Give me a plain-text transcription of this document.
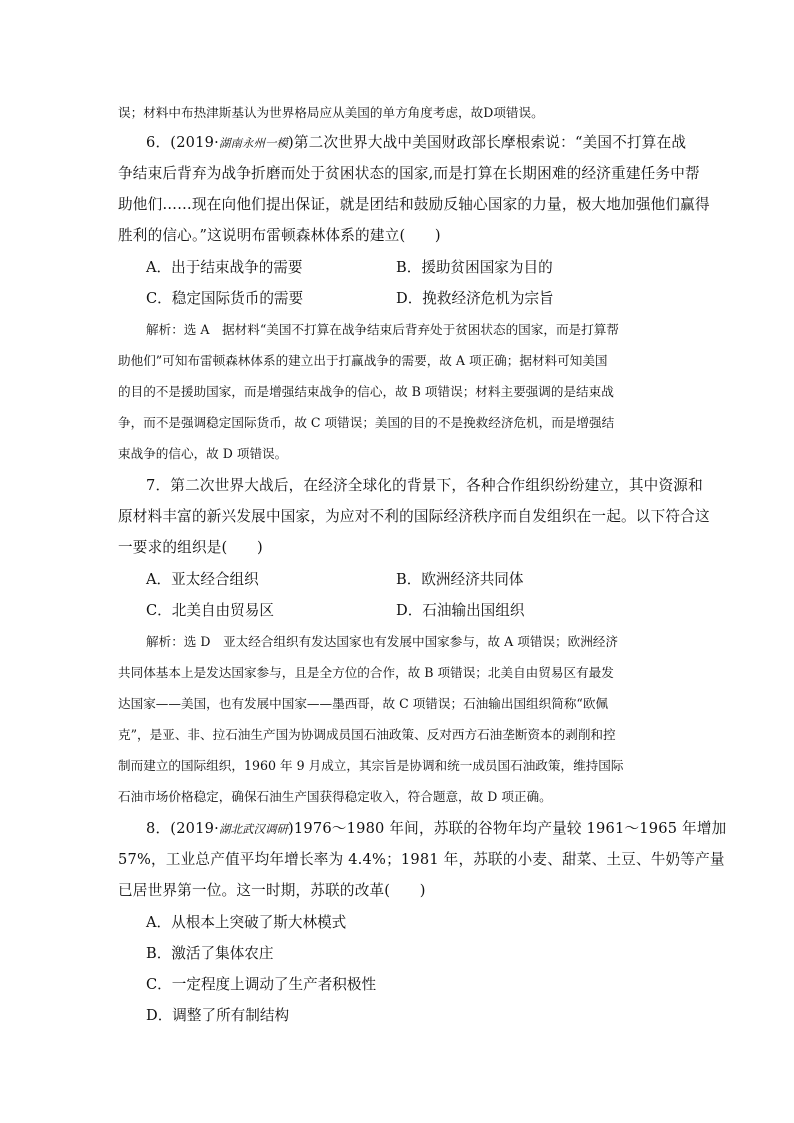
误；材料中布热津斯基认为世界格局应从美国的单方角度考虑，故D项错误。
6．(2019·湖南永州一模)第二次世界大战中美国财政部长摩根索说：“美国不打算在战
争结束后背弃为战争折磨而处于贫困状态的国家,而是打算在长期困难的经济重建任务中帮
助他们……现在向他们提出保证，就是团结和鼓励反轴心国家的力量，极大地加强他们赢得
胜利的信心。”这说明布雷顿森林体系的建立(　　)
A．出于结束战争的需要	B．援助贫困国家为目的
C．稳定国际货币的需要	D．挽救经济危机为宗旨
解析：选 A　据材料“美国不打算在战争结束后背弃处于贫困状态的国家，而是打算帮
助他们”可知布雷顿森林体系的建立出于打赢战争的需要，故 A 项正确；据材料可知美国
的目的不是援助国家，而是增强结束战争的信心，故 B 项错误；材料主要强调的是结束战
争，而不是强调稳定国际货币，故 C 项错误；美国的目的不是挽救经济危机，而是增强结
束战争的信心，故 D 项错误。
7．第二次世界大战后，在经济全球化的背景下，各种合作组织纷纷建立，其中资源和
原材料丰富的新兴发展中国家，为应对不利的国际经济秩序而自发组织在一起。以下符合这
一要求的组织是(　　)
A．亚太经合组织	B．欧洲经济共同体
C．北美自由贸易区	D．石油输出国组织
解析：选 D　亚太经合组织有发达国家也有发展中国家参与，故 A 项错误；欧洲经济
共同体基本上是发达国家参与，且是全方位的合作，故 B 项错误；北美自由贸易区有最发
达国家——美国，也有发展中国家——墨西哥，故 C 项错误；石油输出国组织简称“欧佩
克”，是亚、非、拉石油生产国为协调成员国石油政策、反对西方石油垄断资本的剥削和控
制而建立的国际组织，1960 年 9 月成立，其宗旨是协调和统一成员国石油政策，维持国际
石油市场价格稳定，确保石油生产国获得稳定收入，符合题意，故 D 项正确。
8．(2019·湖北武汉调研)1976～1980 年间，苏联的谷物年均产量较 1961～1965 年增加
57%，工业总产值平均年增长率为 4.4%；1981 年，苏联的小麦、甜菜、土豆、牛奶等产量
已居世界第一位。这一时期，苏联的改革(　　)
A．从根本上突破了斯大林模式
B．激活了集体农庄
C．一定程度上调动了生产者积极性
D．调整了所有制结构
